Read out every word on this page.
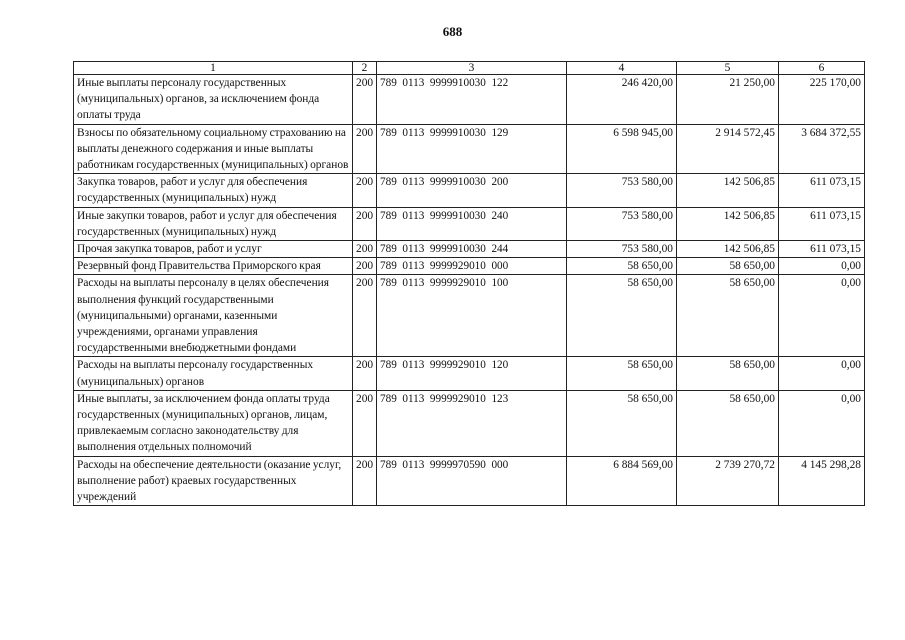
688
1	2	3	4	5	6
Иные выплаты персоналу государственных (муниципальных) органов, за исключением фонда оплаты труда	200	789  0113  9999910030  122	246 420,00	21 250,00	225 170,00
Взносы по обязательному социальному страхованию на выплаты денежного содержания и иные выплаты работникам государственных (муниципальных) органов	200	789  0113  9999910030  129	6 598 945,00	2 914 572,45	3 684 372,55
Закупка товаров, работ и услуг для обеспечения государственных (муниципальных) нужд	200	789  0113  9999910030  200	753 580,00	142 506,85	611 073,15
Иные закупки товаров, работ и услуг для обеспечения государственных (муниципальных) нужд	200	789  0113  9999910030  240	753 580,00	142 506,85	611 073,15
Прочая закупка товаров, работ и услуг	200	789  0113  9999910030  244	753 580,00	142 506,85	611 073,15
Резервный фонд Правительства Приморского края	200	789  0113  9999929010  000	58 650,00	58 650,00	0,00
Расходы на выплаты персоналу в целях обеспечения выполнения функций государственными (муниципальными) органами, казенными учреждениями, органами управления государственными внебюджетными фондами	200	789  0113  9999929010  100	58 650,00	58 650,00	0,00
Расходы на выплаты персоналу государственных (муниципальных) органов	200	789  0113  9999929010  120	58 650,00	58 650,00	0,00
Иные выплаты, за исключением фонда оплаты труда государственных (муниципальных) органов, лицам, привлекаемым согласно законодательству для выполнения отдельных полномочий	200	789  0113  9999929010  123	58 650,00	58 650,00	0,00
Расходы на обеспечение деятельности (оказание услуг, выполнение работ) краевых государственных учреждений	200	789  0113  9999970590  000	6 884 569,00	2 739 270,72	4 145 298,28
